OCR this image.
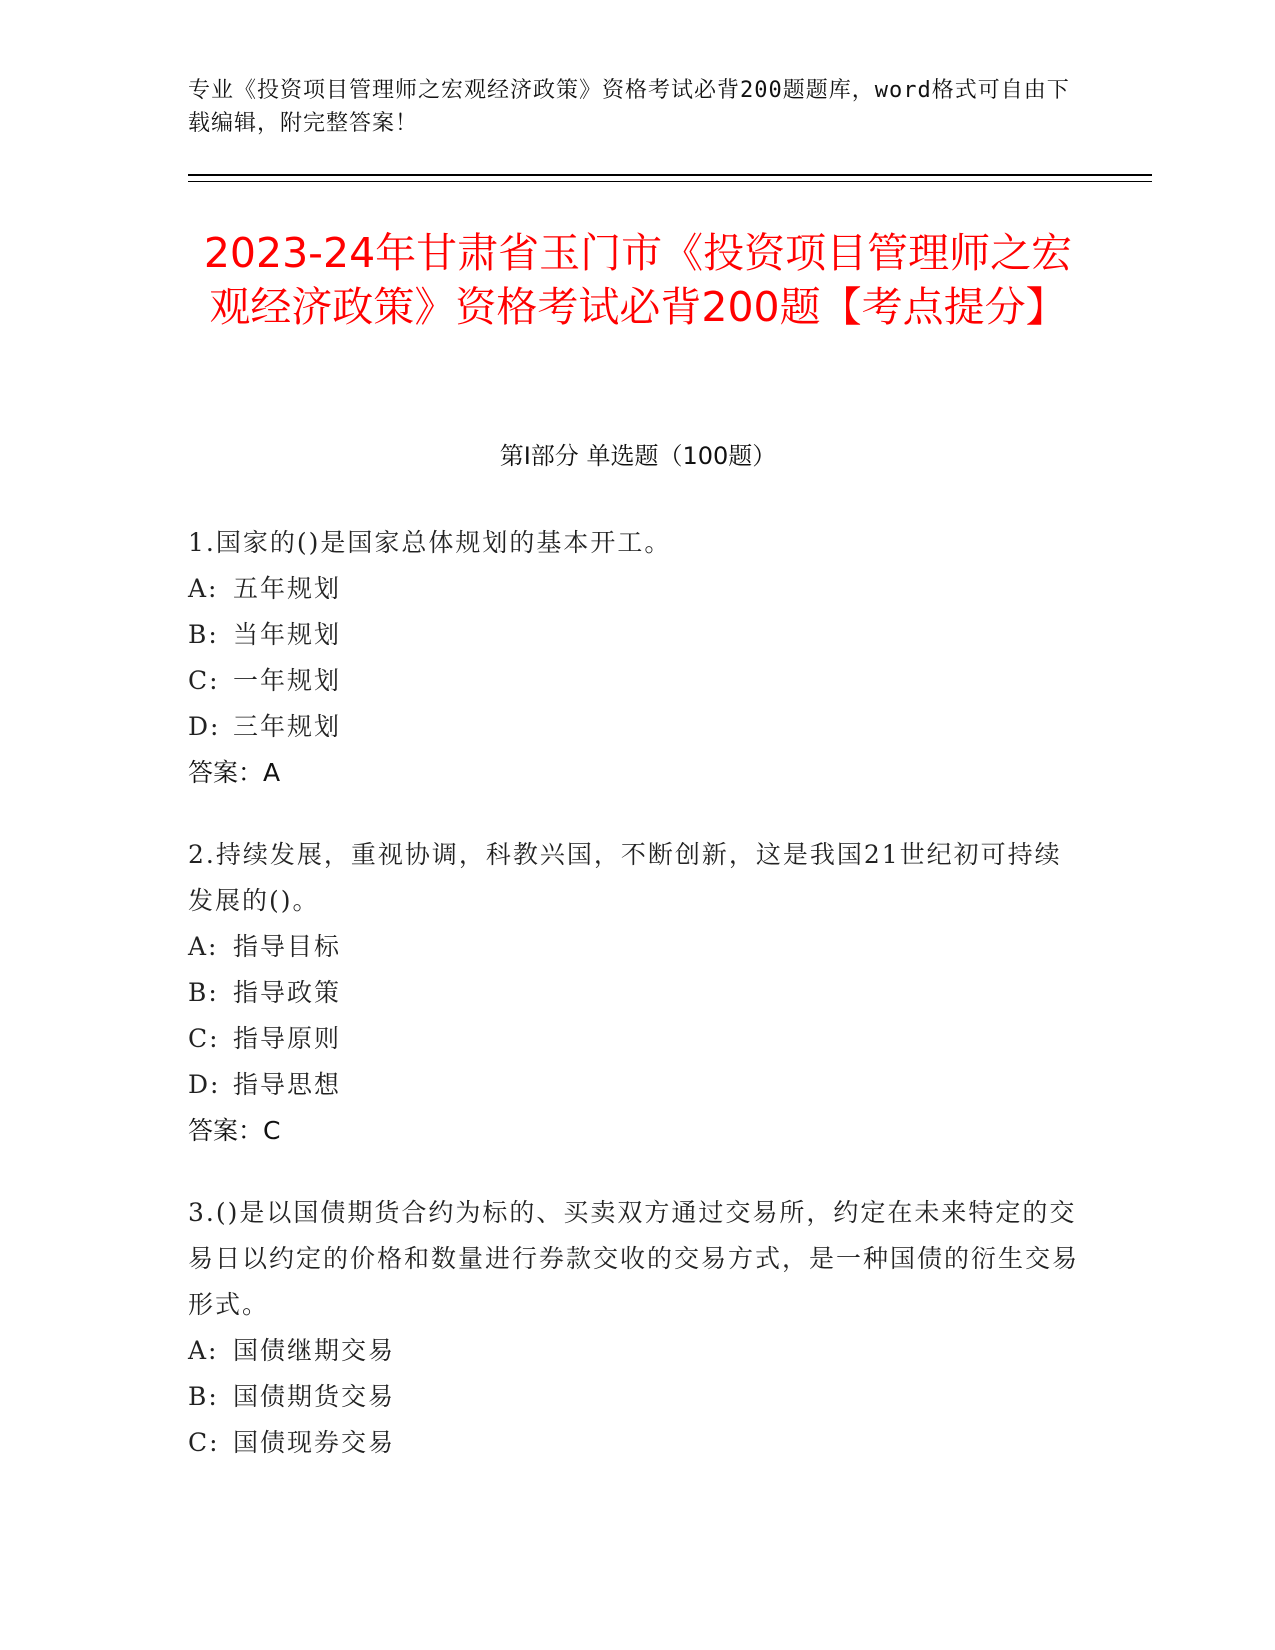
专业《投资项目管理师之宏观经济政策》资格考试必背200题题库，word格式可自由下载编辑，附完整答案！
2023-24年甘肃省玉门市《投资项目管理师之宏观经济政策》资格考试必背200题【考点提分】
第I部分 单选题（100题）
1.国家的()是国家总体规划的基本开工。
A: 五年规划
B: 当年规划
C: 一年规划
D: 三年规划
答案：A
2.持续发展，重视协调，科教兴国，不断创新，这是我国21世纪初可持续发展的()。
A: 指导目标
B: 指导政策
C: 指导原则
D: 指导思想
答案：C
3.()是以国债期货合约为标的、买卖双方通过交易所，约定在未来特定的交易日以约定的价格和数量进行券款交收的交易方式，是一种国债的衍生交易形式。
A: 国债继期交易
B: 国债期货交易
C: 国债现券交易
